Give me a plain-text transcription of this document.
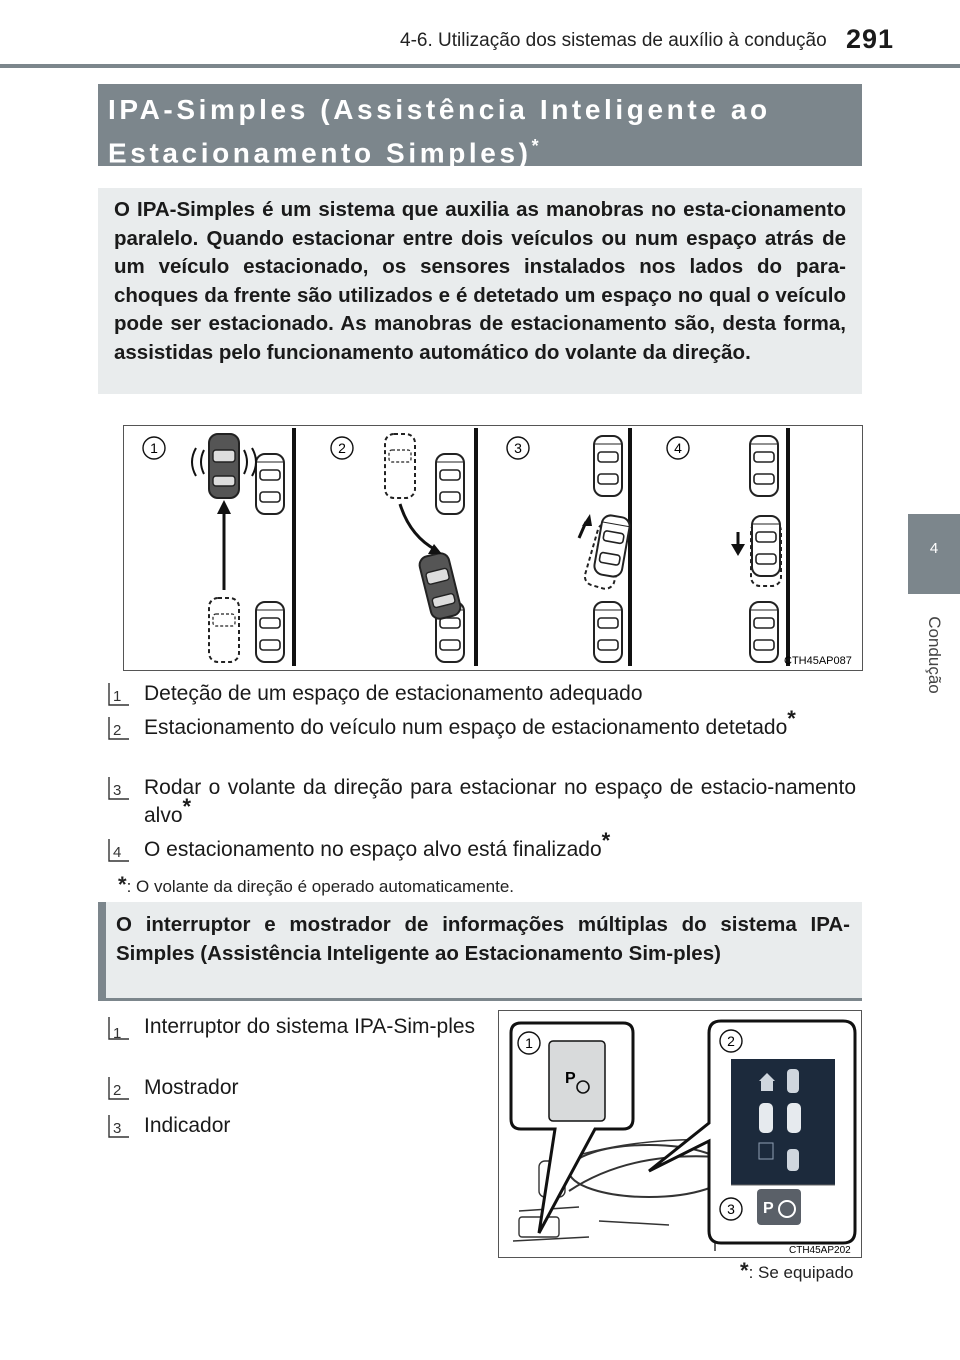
4-6. Utilização dos sistemas de auxílio à condução 291
4
Condução
IPA-Simples (Assistência Inteligente ao
Estacionamento Simples)*
O IPA-Simples é um sistema que auxilia as manobras no esta-cionamento paralelo. Quando estacionar entre dois veículos ou num espaço atrás de um veículo estacionado, os sensores instalados nos lados do para-choques da frente são utilizados e é detetado um espaço no qual o veículo pode ser estacionado. As manobras de estacionamento são, desta forma, assistidas pelo funcionamento automático do volante da direção.
1	2	3	4
CTH45AP087
1 Deteção de um espaço de estacionamento adequado
2 Estacionamento do veículo num espaço de estacionamento detetado*
3 Rodar o volante da direção para estacionar no espaço de estacio-namento alvo*
4 O estacionamento no espaço alvo está finalizado*
*: O volante da direção é operado automaticamente.
O interruptor e mostrador de informações múltiplas do sistema IPA-Simples (Assistência Inteligente ao Estacionamento Sim-ples)
1 Interruptor do sistema IPA-Sim-ples
2 Mostrador
3 Indicador
P
P
1	2
3
CTH45AP202
*: Se equipado
